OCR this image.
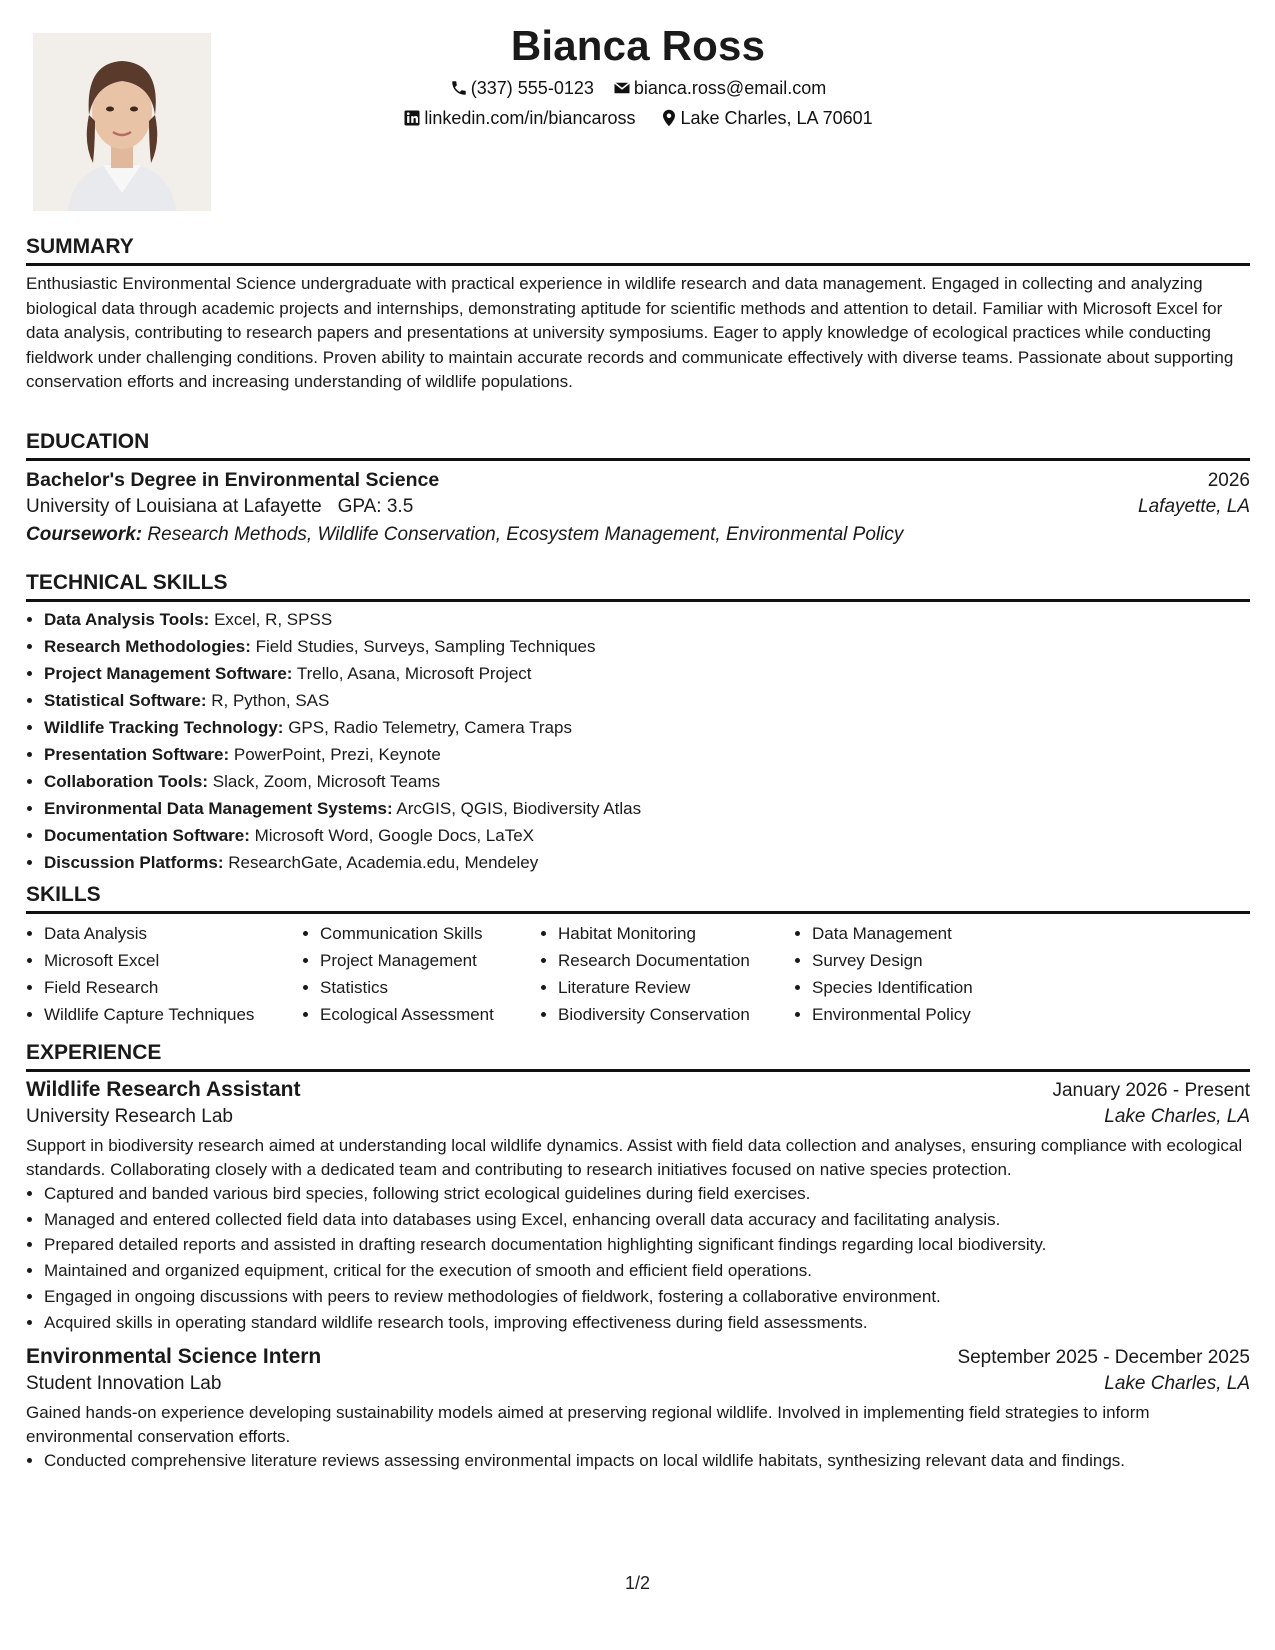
Bianca Ross
(337) 555-0123 bianca.ross@email.com
linkedin.com/in/biancaross	Lake Charles, LA 70601
SUMMARY

Enthusiastic Environmental Science undergraduate with practical experience in wildlife research and data management. Engaged in collecting and analyzing biological data through academic projects and internships, demonstrating aptitude for scientific methods and attention to detail. Familiar with Microsoft Excel for data analysis, contributing to research papers and presentations at university symposiums. Eager to apply knowledge of ecological practices while conducting fieldwork under challenging conditions. Proven ability to maintain accurate records and communicate effectively with diverse teams. Passionate about supporting conservation efforts and increasing understanding of wildlife populations.

EDUCATION
Bachelor's Degree in Environmental Science	2026
University of Louisiana at Lafayette GPA: 3.5	Lafayette, LA
Coursework: Research Methods, Wildlife Conservation, Ecosystem Management, Environmental Policy
TECHNICAL SKILLS
• Data Analysis Tools: Excel, R, SPSS
• Research Methodologies: Field Studies, Surveys, Sampling Techniques
• Project Management Software: Trello, Asana, Microsoft Project
• Statistical Software: R, Python, SAS
• Wildlife Tracking Technology: GPS, Radio Telemetry, Camera Traps
• Presentation Software: PowerPoint, Prezi, Keynote
• Collaboration Tools: Slack, Zoom, Microsoft Teams
• Environmental Data Management Systems: ArcGIS, QGIS, Biodiversity Atlas
• Documentation Software: Microsoft Word, Google Docs, LaTeX
• Discussion Platforms: ResearchGate, Academia.edu, Mendeley
SKILLS
• Data Analysis
• Microsoft Excel
• Field Research
• Wildlife Capture Techniques
• Communication Skills
• Project Management
• Statistics
• Ecological Assessment
• Habitat Monitoring
• Research Documentation
• Literature Review
• Biodiversity Conservation
• Data Management
• Survey Design
• Species Identification
• Environmental Policy
EXPERIENCE
Wildlife Research Assistant	January 2026 - Present
University Research Lab	Lake Charles, LA

Support in biodiversity research aimed at understanding local wildlife dynamics. Assist with field data collection and analyses, ensuring compliance with ecological standards. Collaborating closely with a dedicated team and contributing to research initiatives focused on native species protection.

• Captured and banded various bird species, following strict ecological guidelines during field exercises.
• Managed and entered collected field data into databases using Excel, enhancing overall data accuracy and facilitating analysis.
• Prepared detailed reports and assisted in drafting research documentation highlighting significant findings regarding local biodiversity.
• Maintained and organized equipment, critical for the execution of smooth and efficient field operations.
• Engaged in ongoing discussions with peers to review methodologies of fieldwork, fostering a collaborative environment.
• Acquired skills in operating standard wildlife research tools, improving effectiveness during field assessments.
Environmental Science Intern	September 2025 - December 2025
Student Innovation Lab	Lake Charles, LA

Gained hands-on experience developing sustainability models aimed at preserving regional wildlife. Involved in implementing field strategies to inform environmental conservation efforts.

• Conducted comprehensive literature reviews assessing environmental impacts on local wildlife habitats, synthesizing relevant data and findings.
1/2
